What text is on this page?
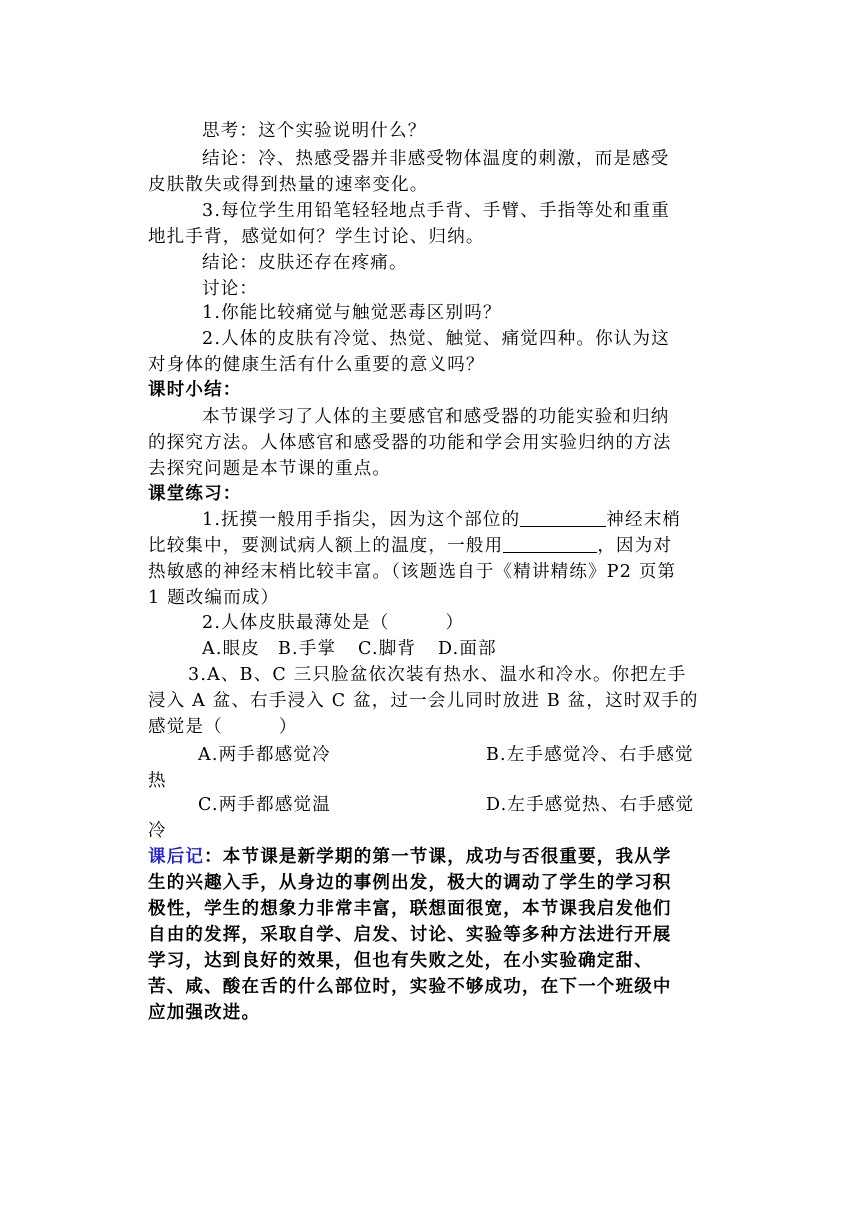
思考：这个实验说明什么？
结论：冷、热感受器并非感受物体温度的刺激，而是感受
皮肤散失或得到热量的速率变化。
3.每位学生用铅笔轻轻地点手背、手臂、手指等处和重重
地扎手背，感觉如何？学生讨论、归纳。
结论：皮肤还存在疼痛。
讨论：
1.你能比较痛觉与触觉恶毒区别吗？
2.人体的皮肤有冷觉、热觉、触觉、痛觉四种。你认为这
对身体的健康生活有什么重要的意义吗？
课时小结：
本节课学习了人体的主要感官和感受器的功能实验和归纳
的探究方法。人体感官和感受器的功能和学会用实验归纳的方法
去探究问题是本节课的重点。
课堂练习：
1.抚摸一般用手指尖，因为这个部位的	神经末梢
比较集中，要测试病人额上的温度，一般用	，因为对
热敏感的神经末梢比较丰富。（该题选自于《精讲精练》P2 页第
1 题改编而成）
2.人体皮肤最薄处是（　　　）
A.眼皮 B.手掌 C.脚背 D.面部
3.A、B、C 三只脸盆依次装有热水、温水和冷水。你把左手
浸入 A 盆、右手浸入 C 盆，过一会儿同时放进 B 盆，这时双手的
感觉是（　　　）
A.两手都感觉冷	B.左手感觉冷、右手感觉
热
C.两手都感觉温	D.左手感觉热、右手感觉
冷
课后记：本节课是新学期的第一节课，成功与否很重要，我从学
生的兴趣入手，从身边的事例出发，极大的调动了学生的学习积
极性，学生的想象力非常丰富，联想面很宽，本节课我启发他们
自由的发挥，采取自学、启发、讨论、实验等多种方法进行开展
学习，达到良好的效果，但也有失败之处，在小实验确定甜、
苦、咸、酸在舌的什么部位时，实验不够成功，在下一个班级中
应加强改进。
